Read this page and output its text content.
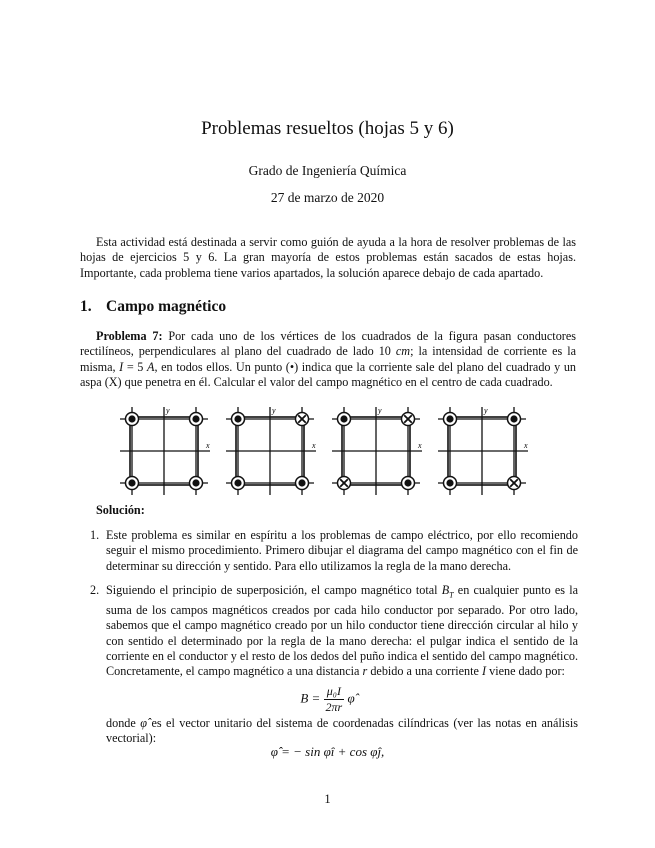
Problemas resueltos (hojas 5 y 6)
Grado de Ingeniería Química
27 de marzo de 2020
Esta actividad está destinada a servir como guión de ayuda a la hora de resolver problemas de las hojas de ejercicios 5 y 6. La gran mayoría de estos problemas están sacados de estas hojas. Importante, cada problema tiene varios apartados, la solución aparece debajo de cada apartado.
1. Campo magnético
Problema 7: Por cada uno de los vértices de los cuadrados de la figura pasan conductores rectilíneos, perpendiculares al plano del cuadrado de lado 10 cm; la intensidad de corriente es la misma, I = 5 A, en todos ellos. Un punto (•) indica que la corriente sale del plano del cuadrado y un aspa (X) que penetra en él. Calcular el valor del campo magnético en el centro de cada cuadrado.
x
y
x
y
x
y
x
y
Solución:
1. Este problema es similar en espíritu a los problemas de campo eléctrico, por ello recomiendo seguir el mismo procedimiento. Primero dibujar el diagrama del campo magnético con el fin de determinar su dirección y sentido. Para ello utilizamos la regla de la mano derecha.
2. Siguiendo el principio de superposición, el campo magnético total $B_T$ en cualquier punto es la suma de los campos magnéticos creados por cada hilo conductor por separado. Por otro lado, sabemos que el campo magnético creado por un hilo conductor tiene dirección circular al hilo y con sentido el determinado por la regla de la mano derecha: el pulgar indica el sentido de la corriente en el conductor y el resto de los dedos del puño indica el sentido del campo magnético. Concretamente, el campo magnético a una distancia r debido a una corriente I viene dado por:
$B = \frac{\text{μ₀I}}{2\pi r}$ φ̂
donde φ̂ es el vector unitario del sistema de coordenadas cilíndricas (ver las notas en análisis vectorial):
φ̂ = − sin φî + cos φĵ,
1
